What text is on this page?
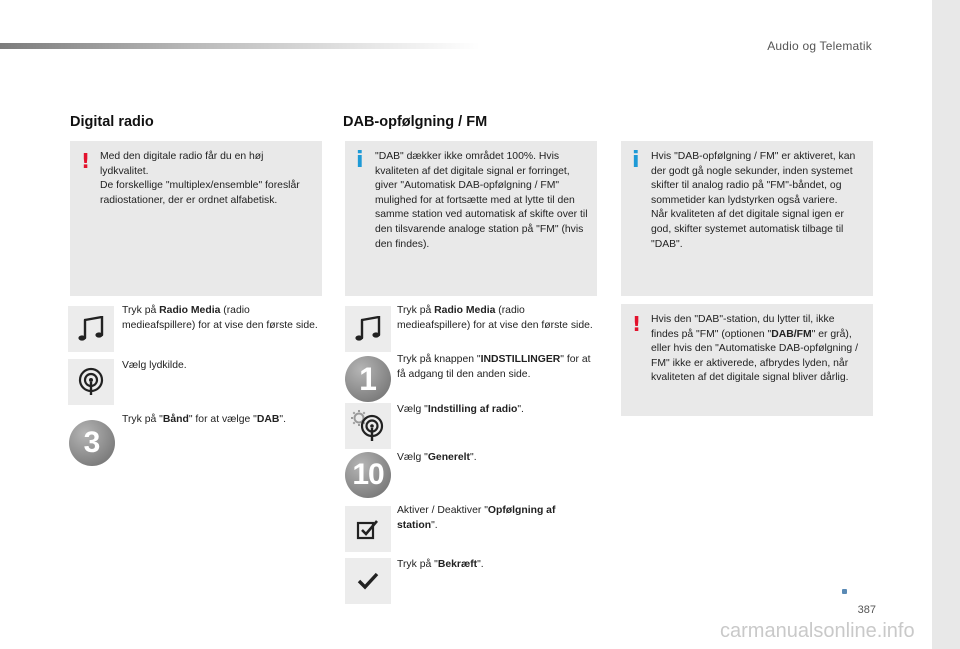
Audio og Telematik
Digital radio
! Med den digitale radio får du en høj lydkvalitet.
De forskellige "multiplex/ensemble" foreslår radiostationer, der er ordnet alfabetisk.
Tryk på Radio Media (radio medieafspillere) for at vise den første side.
Vælg lydkilde.
3
Tryk på "Bånd" for at vælge "DAB".
DAB-opfølgning / FM
i	"DAB" dækker ikke området 100%. Hvis kvaliteten af det digitale signal er forringet, giver "Automatisk DAB-opfølgning / FM" mulighed for at fortsætte med at lytte til den samme station ved automatisk af skifte over til den tilsvarende analoge station på "FM" (hvis den findes).
Tryk på Radio Media (radio medieafspillere) for at vise den første side.
1
Tryk på knappen "INDSTILLINGER" for at få adgang til den anden side.
Vælg "Indstilling af radio".
10
Vælg "Generelt".
Aktiver / Deaktiver "Opfølgning af station".
Tryk på "Bekræft".
i	Hvis "DAB-opfølgning / FM" er aktiveret, kan der godt gå nogle sekunder, inden systemet skifter til analog radio på "FM"-båndet, og sommetider kan lydstyrken også variere.
Når kvaliteten af det digitale signal igen er god, skifter systemet automatisk tilbage til "DAB".
! Hvis den "DAB"-station, du lytter til, ikke findes på "FM" (optionen "DAB/FM" er grå), eller hvis den "Automatiske DAB-opfølgning / FM" ikke er aktiverede, afbrydes lyden, når kvaliteten af det digitale signal bliver dårlig.
387
carmanualsonline.info
